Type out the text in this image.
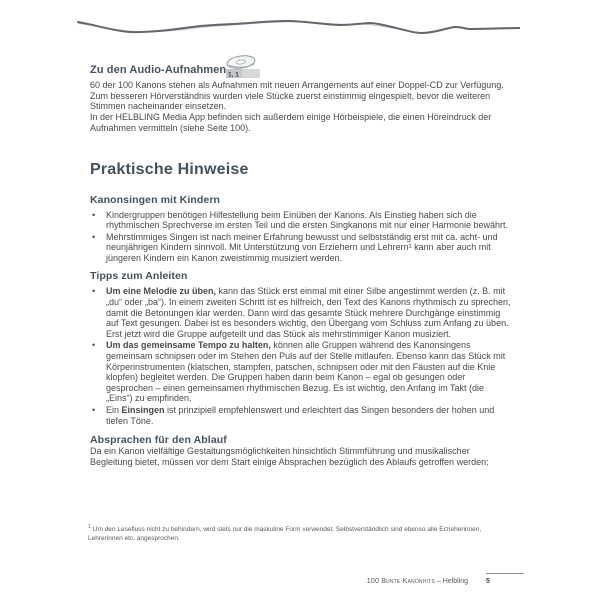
Zu den Audio-Aufnahmen 1, 1

60 der 100 Kanons stehen als Aufnahmen mit neuen Arrangements auf einer Doppel-CD zur Verfügung. Zum besseren Hörverständnis wurden viele Stücke zuerst einstimmig eingespielt, bevor die weiteren Stimmen nacheinander einsetzen.

In der HELBLING Media App befinden sich außerdem einige Hörbeispiele, die einen Höreindruck der Aufnahmen vermitteln (siehe Seite 100).

Praktische Hinweise
Kanonsingen mit Kindern
• Kindergruppen benötigen Hilfestellung beim Einüben der Kanons. Als Einstieg haben sich die rhythmischen Sprechverse im ersten Teil und die ersten Singkanons mit nur einer Harmonie bewährt.
• Mehrstimmiges Singen ist nach meiner Erfahrung bewusst und selbstständig erst mit ca. acht- und neunjährigen Kindern sinnvoll. Mit Unterstützung von Erziehern und Lehrern¹ kann aber auch mit jüngeren Kindern ein Kanon zweistimmig musiziert werden.
Tipps zum Anleiten
• Um eine Melodie zu üben, kann das Stück erst einmal mit einer Silbe angestimmt werden (z. B. mit „du“ oder „ba“). In einem zweiten Schritt ist es hilfreich, den Text des Kanons rhythmisch zu sprechen, damit die Betonungen klar werden. Dann wird das gesamte Stück mehrere Durchgänge einstimmig auf Text gesungen. Dabei ist es besonders wichtig, den Übergang vom Schluss zum Anfang zu üben. Erst jetzt wird die Gruppe aufgeteilt und das Stück als mehrstimmiger Kanon musiziert.
• Um das gemeinsame Tempo zu halten, können alle Gruppen während des Kanonsingens gemeinsam schnipsen oder im Stehen den Puls auf der Stelle mitlaufen. Ebenso kann das Stück mit Körperinstrumenten (klatschen, stampfen, patschen, schnipsen oder mit den Fäusten auf die Knie klopfen) begleitet werden. Die Gruppen haben dann beim Kanon – egal ob gesungen oder gesprochen – einen gemeinsamen rhythmischen Bezug. Es ist wichtig, den Anfang im Takt (die „Eins“) zu empfinden.
• Ein Einsingen ist prinzipiell empfehlenswert und erleichtert das Singen besonders der hohen und tiefen Töne.
Absprachen für den Ablauf

Da ein Kanon vielfältige Gestaltungsmöglichkeiten hinsichtlich Stimmführung und musikalischer Begleitung bietet, müssen vor dem Start einige Absprachen bezüglich des Ablaufs getroffen werden:

$^1$ Um den Lesefluss nicht zu behindern, wird stets nur die maskuline Form verwendet. Selbstverständlich sind ebenso alle Erzieherinnen, Lehrerinnen etc. angesprochen.
100 Bunte Kanonhits – Helbling	5
